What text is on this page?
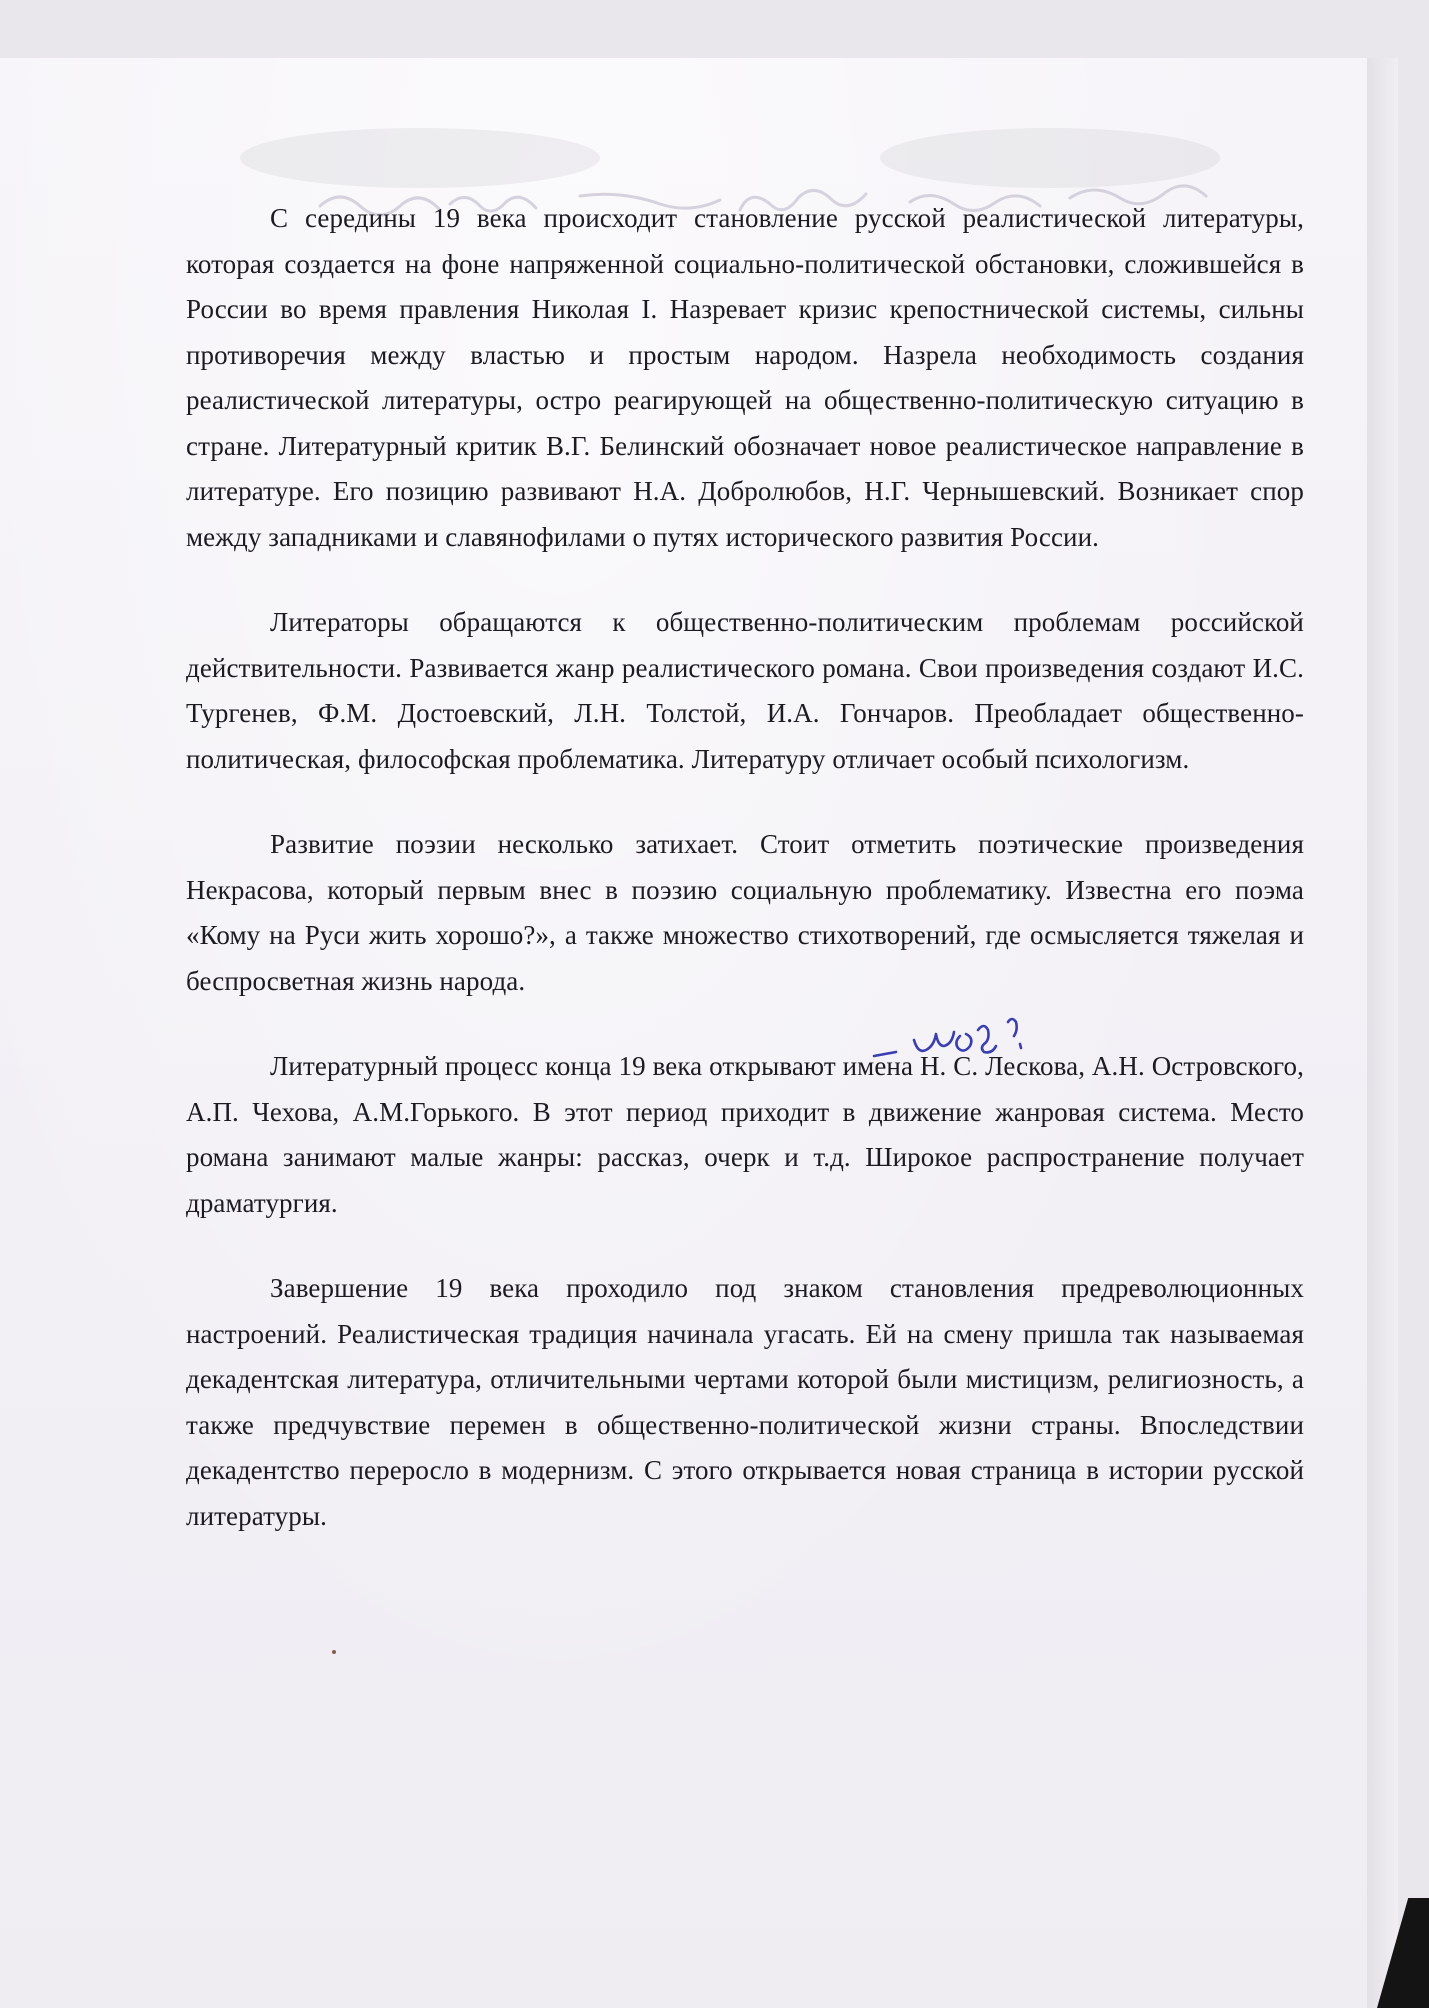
С середины 19 века происходит становление русской реалистической литературы, которая создается на фоне напряженной социально-политической обстановки, сложившейся в России во время правления Николая I. Назревает кризис крепостнической системы, сильны противоречия между властью и простым народом. Назрела необходимость создания реалистической литературы, остро реагирующей на общественно-политическую ситуацию в стране. Литературный критик В.Г. Белинский обозначает новое реалистическое направление в литературе. Его позицию развивают Н.А. Добролюбов, Н.Г. Чернышевский. Возникает спор между западниками и славянофилами о путях исторического развития России.

Литераторы обращаются к общественно-политическим проблемам российской действительности. Развивается жанр реалистического романа. Свои произведения создают И.С. Тургенев, Ф.М. Достоевский, Л.Н. Толстой, И.А. Гончаров. Преобладает общественно-политическая, философская проблематика. Литературу отличает особый психологизм.

Развитие поэзии несколько затихает. Стоит отметить поэтические произведения Некрасова, который первым внес в поэзию социальную проблематику. Известна его поэма «Кому на Руси жить хорошо?», а также множество стихотворений, где осмысляется тяжелая и беспросветная жизнь народа.

Литературный процесс конца 19 века открывают имена Н. С. Лескова, А.Н. Островского, А.П. Чехова, А.М.Горького. В этот период приходит в движение жанровая система. Место романа занимают малые жанры: рассказ, очерк и т.д. Широкое распространение получает драматургия.

Завершение 19 века проходило под знаком становления предреволюционных настроений. Реалистическая традиция начинала угасать. Ей на смену пришла так называемая декадентская литература, отличительными чертами которой были мистицизм, религиозность, а также предчувствие перемен в общественно-политической жизни страны. Впоследствии декадентство переросло в модернизм. С этого открывается новая страница в истории русской литературы.
